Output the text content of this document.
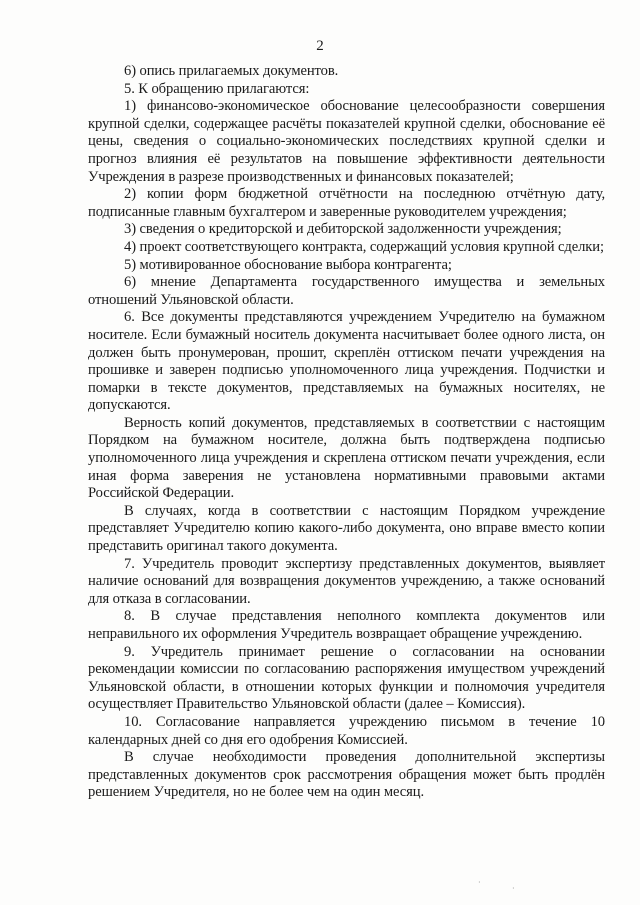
2

6) опись прилагаемых документов.

5. К обращению прилагаются:

1) финансово-экономическое обоснование целесообразности совершения крупной сделки, содержащее расчёты показателей крупной сделки, обоснование её цены, сведения о социально-экономических последствиях крупной сделки и прогноз влияния её результатов на повышение эффективности деятельности Учреждения в разрезе производственных и финансовых показателей;

2) копии форм бюджетной отчётности на последнюю отчётную дату, подписанные главным бухгалтером и заверенные руководителем учреждения;

3) сведения о кредиторской и дебиторской задолженности учреждения;

4) проект соответствующего контракта, содержащий условия крупной сделки;

5) мотивированное обоснование выбора контрагента;

6) мнение Департамента государственного имущества и земельных отношений Ульяновской области.

6. Все документы представляются учреждением Учредителю на бумажном носителе. Если бумажный носитель документа насчитывает более одного листа, он должен быть пронумерован, прошит, скреплён оттиском печати учреждения на прошивке и заверен подписью уполномоченного лица учреждения. Подчистки и помарки в тексте документов, представляемых на бумажных носителях, не допускаются.

Верность копий документов, представляемых в соответствии с настоящим Порядком на бумажном носителе, должна быть подтверждена подписью уполномоченного лица учреждения и скреплена оттиском печати учреждения, если иная форма заверения не установлена нормативными правовыми актами Российской Федерации.

В случаях, когда в соответствии с настоящим Порядком учреждение представляет Учредителю копию какого-либо документа, оно вправе вместо копии представить оригинал такого документа.

7. Учредитель проводит экспертизу представленных документов, выявляет наличие оснований для возвращения документов учреждению, а также оснований для отказа в согласовании.

8. В случае представления неполного комплекта документов или неправильного их оформления Учредитель возвращает обращение учреждению.

9. Учредитель принимает решение о согласовании на основании рекомендации комиссии по согласованию распоряжения имуществом учреждений Ульяновской области, в отношении которых функции и полномочия учредителя осуществляет Правительство Ульяновской области (далее – Комиссия).

10. Согласование направляется учреждению письмом в течение 10 календарных дней со дня его одобрения Комиссией.

В случае необходимости проведения дополнительной экспертизы представленных документов срок рассмотрения обращения может быть продлён решением Учредителя, но не более чем на один месяц.

·
·
